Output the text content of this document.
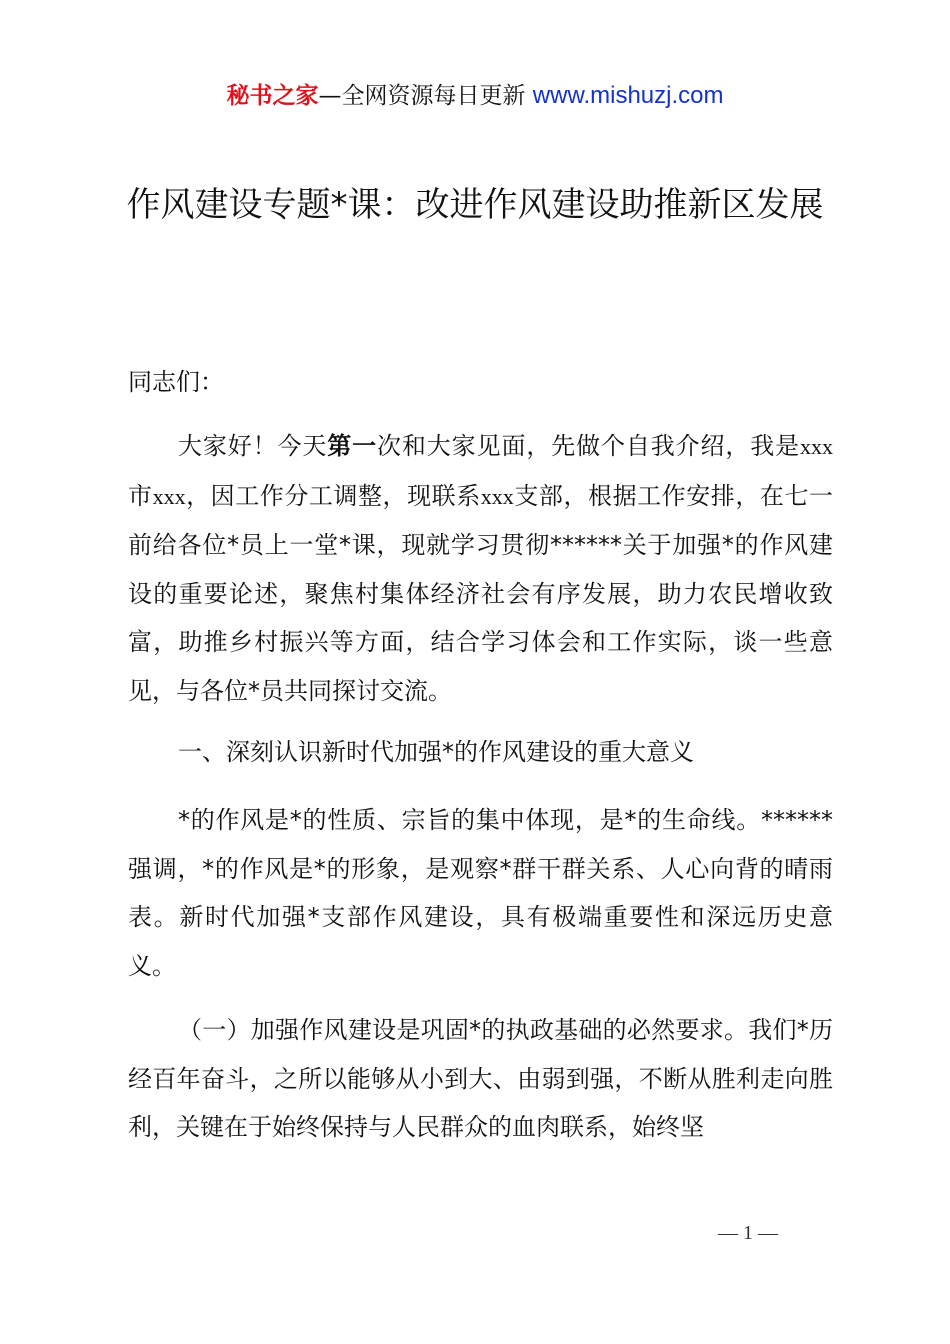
秘书之家—全网资源每日更新 www.mishuzj.com
作风建设专题*课：改进作风建设助推新区发展
同志们：

大家好！今天第一次和大家见面，先做个自我介绍，我是xxx市xxx，因工作分工调整，现联系xxx支部，根据工作安排，在七一前给各位*员上一堂*课，现就学习贯彻******关于加强*的作风建设的重要论述，聚焦村集体经济社会有序发展，助力农民增收致富，助推乡村振兴等方面，结合学习体会和工作实际，谈一些意见，与各位*员共同探讨交流。

一、深刻认识新时代加强*的作风建设的重大意义

*的作风是*的性质、宗旨的集中体现，是*的生命线。******强调，*的作风是*的形象，是观察*群干群关系、人心向背的晴雨表。新时代加强*支部作风建设，具有极端重要性和深远历史意义。

（一）加强作风建设是巩固*的执政基础的必然要求。我们*历经百年奋斗，之所以能够从小到大、由弱到强，不断从胜利走向胜利，关键在于始终保持与人民群众的血肉联系，始终坚

— 1 —
